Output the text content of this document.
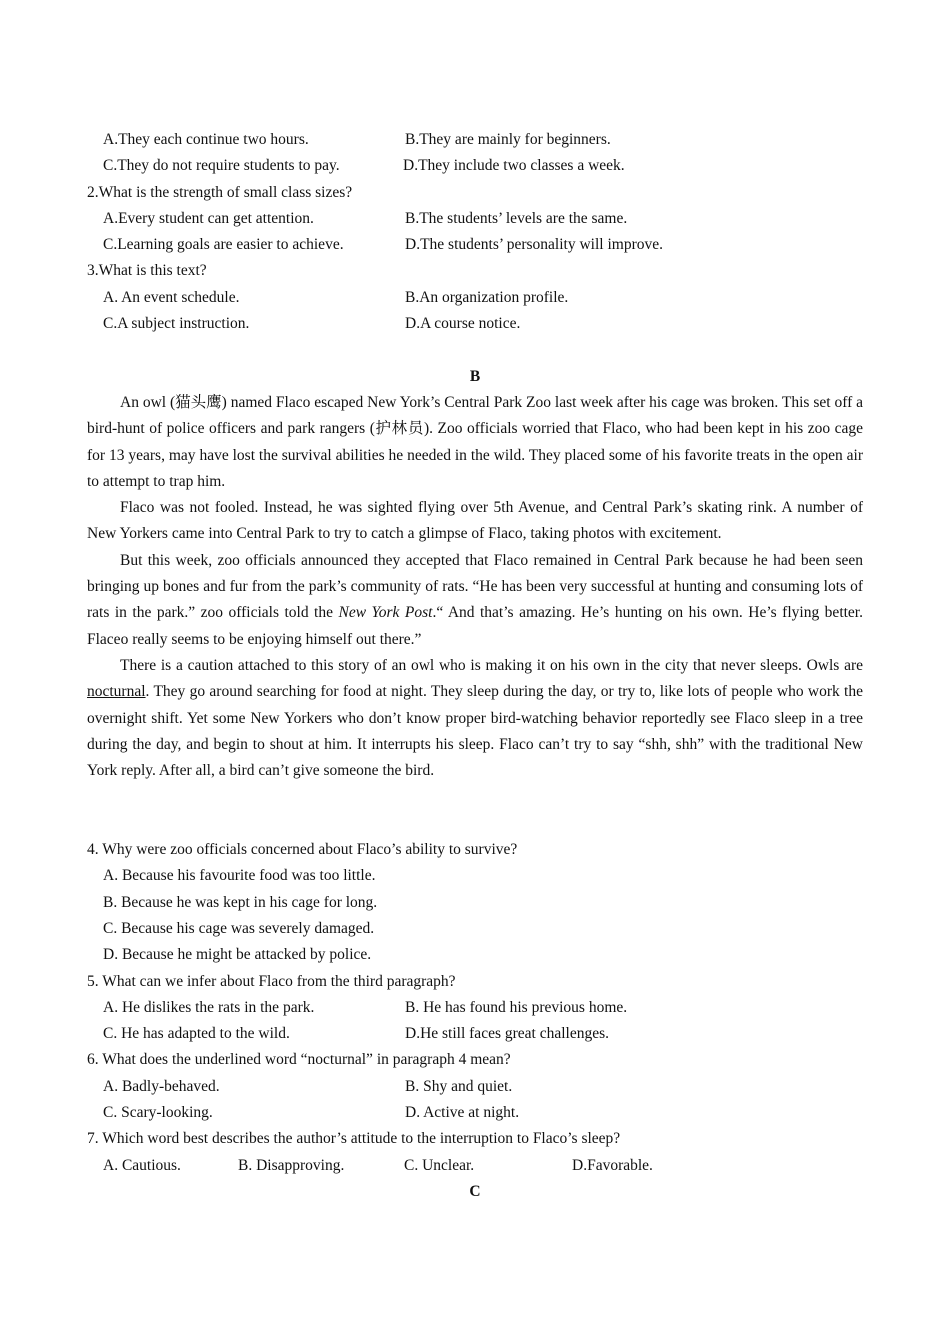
A.They each continue two hours.	B.They are mainly for beginners.
C.They do not require students to pay.	D.They include two classes a week.
2.What is the strength of small class sizes?
A.Every student can get attention.	B.The students’ levels are the same.
C.Learning goals are easier to achieve.	D.The students’ personality will improve.
3.What is this text?
A. An event schedule.	B.An organization profile.
C.A subject instruction.	D.A course notice.
B

An owl (猫头鹰) named Flaco escaped New York’s Central Park Zoo last week after his cage was broken. This set off a bird-hunt of police officers and park rangers (护林员). Zoo officials worried that Flaco, who had been kept in his zoo cage for 13 years, may have lost the survival abilities he needed in the wild. They placed some of his favorite treats in the open air to attempt to trap him.

Flaco was not fooled. Instead, he was sighted flying over 5th Avenue, and Central Park’s skating rink. A number of New Yorkers came into Central Park to try to catch a glimpse of Flaco, taking photos with excitement.

But this week, zoo officials announced they accepted that Flaco remained in Central Park because he had been seen bringing up bones and fur from the park’s community of rats. “He has been very successful at hunting and consuming lots of rats in the park.” zoo officials told the New York Post.“ And that’s amazing. He’s hunting on his own. He’s flying better. Flaceo really seems to be enjoying himself out there.”

There is a caution attached to this story of an owl who is making it on his own in the city that never sleeps. Owls are nocturnal. They go around searching for food at night. They sleep during the day, or try to, like lots of people who work the overnight shift. Yet some New Yorkers who don’t know proper bird-watching behavior reportedly see Flaco sleep in a tree during the day, and begin to shout at him. It interrupts his sleep. Flaco can’t try to say “shh, shh” with the traditional New York reply. After all, a bird can’t give someone the bird.

4. Why were zoo officials concerned about Flaco’s ability to survive?
A. Because his favourite food was too little.
B. Because he was kept in his cage for long.
C. Because his cage was severely damaged.
D. Because he might be attacked by police.
5. What can we infer about Flaco from the third paragraph?
A. He dislikes the rats in the park.	B. He has found his previous home.
C. He has adapted to the wild.	D.He still faces great challenges.
6. What does the underlined word “nocturnal” in paragraph 4 mean?
A. Badly-behaved.	B. Shy and quiet.
C. Scary-looking.	D. Active at night.
7. Which word best describes the author’s attitude to the interruption to Flaco’s sleep?
A. Cautious.	B. Disapproving.	C. Unclear.	D.Favorable.
C
